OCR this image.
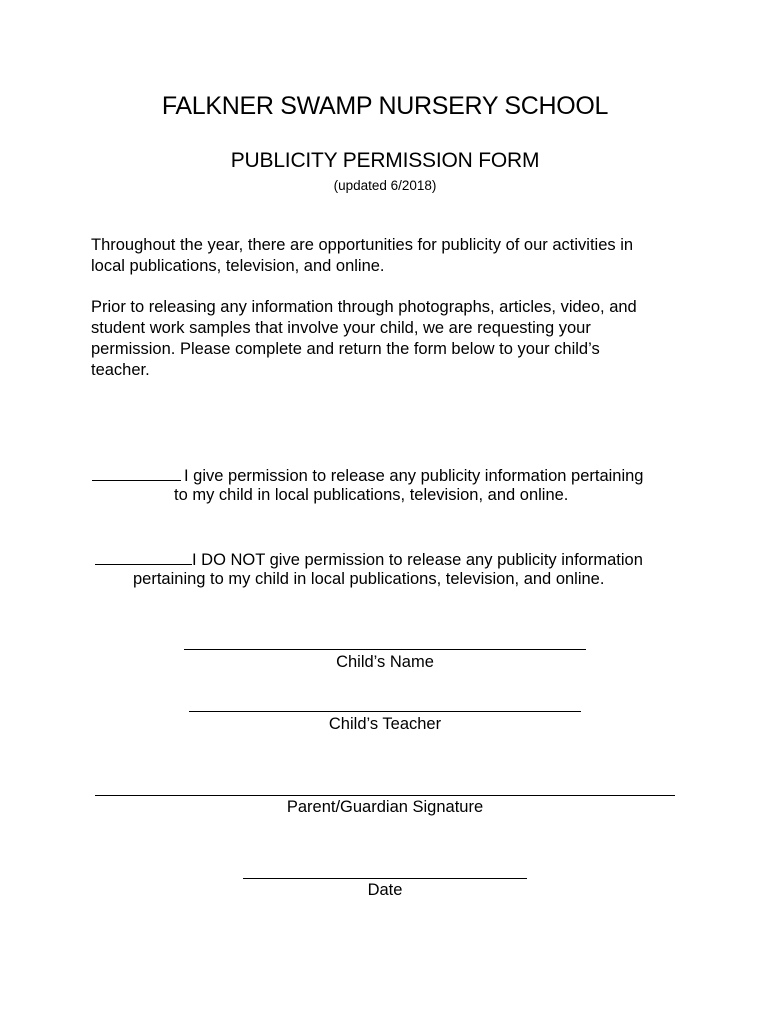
FALKNER SWAMP NURSERY SCHOOL
PUBLICITY PERMISSION FORM
(updated 6/2018)

Throughout the year, there are opportunities for publicity of our activities in

local publications, television, and online.

Prior to releasing any information through photographs, articles, video, and

student work samples that involve your child, we are requesting your

permission. Please complete and return the form below to your child’s

teacher.

I give permission to release any publicity information pertaining
to my child in local publications, television, and online.
I DO NOT give permission to release any publicity information
pertaining to my child in local publications, television, and online.
Child’s Name
Child’s Teacher
Parent/Guardian Signature
Date
